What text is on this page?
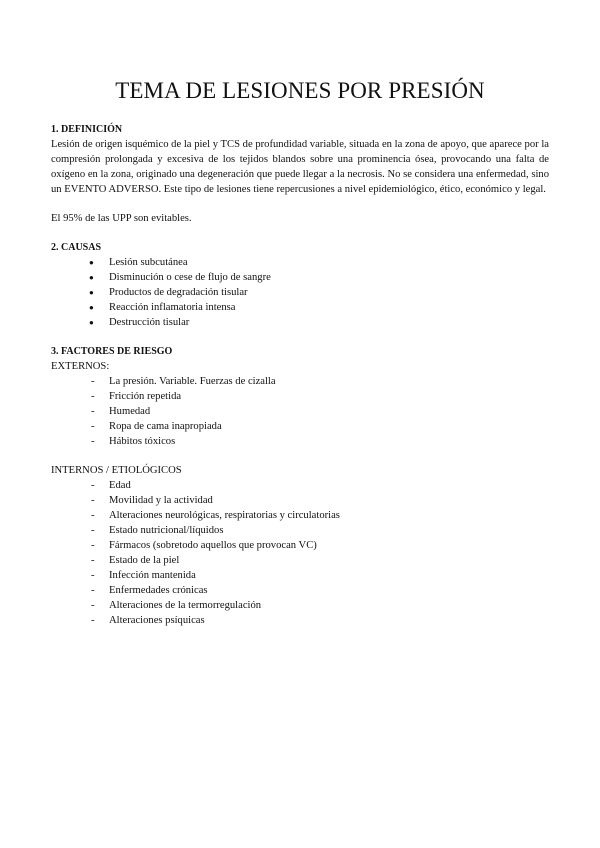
TEMA DE LESIONES POR PRESIÓN

1. DEFINICIÓN

Lesión de origen isquémico de la piel y TCS de profundidad variable, situada en la zona de apoyo, que aparece por la compresión prolongada y excesiva de los tejidos blandos sobre una prominencia ósea, provocando una falta de oxígeno en la zona, originado una degeneración que puede llegar a la necrosis. No se considera una enfermedad, sino un EVENTO ADVERSO. Este tipo de lesiones tiene repercusiones a nivel epidemiológico, ético, económico y legal.

El 95% de las UPP son evitables.

2. CAUSAS

● Lesión subcutánea
● Disminución o cese de flujo de sangre
● Productos de degradación tisular
● Reacción inflamatoria intensa
● Destrucción tisular

3. FACTORES DE RIESGO

EXTERNOS:

- La presión. Variable. Fuerzas de cizalla
- Fricción repetida
- Humedad
- Ropa de cama inapropiada
- Hábitos tóxicos

INTERNOS / ETIOLÓGICOS

- Edad
- Movilidad y la actividad
- Alteraciones neurológicas, respiratorias y circulatorias
- Estado nutricional/líquidos
- Fármacos (sobretodo aquellos que provocan VC)
- Estado de la piel
- Infección mantenida
- Enfermedades crónicas
- Alteraciones de la termorregulación
- Alteraciones psíquicas
